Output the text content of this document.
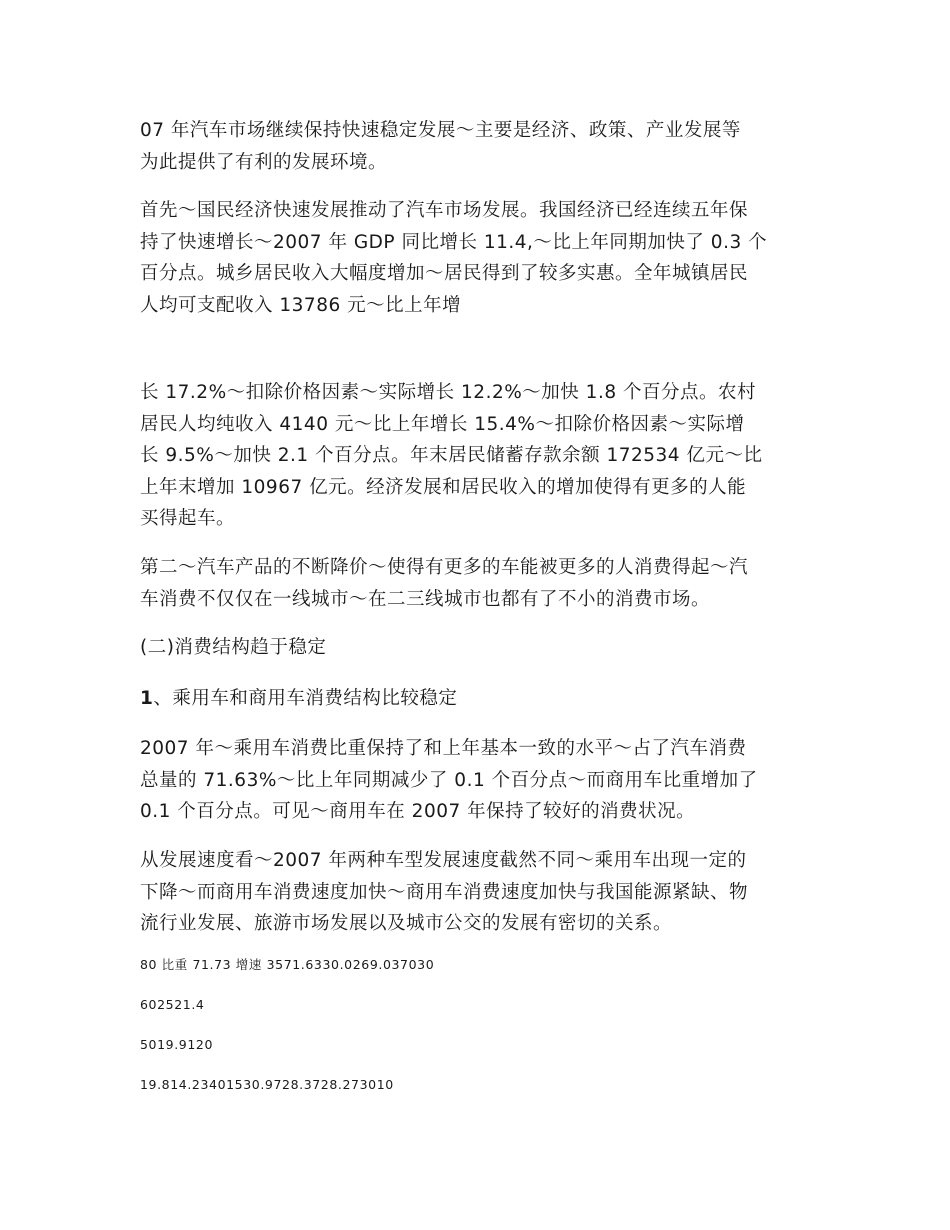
07 年汽车市场继续保持快速稳定发展～主要是经济、政策、产业发展等
为此提供了有利的发展环境。

首先～国民经济快速发展推动了汽车市场发展。我国经济已经连续五年保
持了快速增长～2007 年 GDP 同比增长 11.4,～比上年同期加快了 0.3 个
百分点。城乡居民收入大幅度增加～居民得到了较多实惠。全年城镇居民
人均可支配收入 13786 元～比上年增

长 17.2%～扣除价格因素～实际增长 12.2%～加快 1.8 个百分点。农村
居民人均纯收入 4140 元～比上年增长 15.4%～扣除价格因素～实际增
长 9.5%～加快 2.1 个百分点。年末居民储蓄存款余额 172534 亿元～比
上年末增加 10967 亿元。经济发展和居民收入的增加使得有更多的人能
买得起车。

第二～汽车产品的不断降价～使得有更多的车能被更多的人消费得起～汽
车消费不仅仅在一线城市～在二三线城市也都有了不小的消费市场。

(二)消费结构趋于稳定

1、乘用车和商用车消费结构比较稳定

2007 年～乘用车消费比重保持了和上年基本一致的水平～占了汽车消费
总量的 71.63%～比上年同期减少了 0.1 个百分点～而商用车比重增加了
0.1 个百分点。可见～商用车在 2007 年保持了较好的消费状况。

从发展速度看～2007 年两种车型发展速度截然不同～乘用车出现一定的
下降～而商用车消费速度加快～商用车消费速度加快与我国能源紧缺、物
流行业发展、旅游市场发展以及城市公交的发展有密切的关系。

80 比重 71.73 增速 3571.6330.0269.037030

602521.4

5019.9120

19.814.23401530.9728.3728.273010
